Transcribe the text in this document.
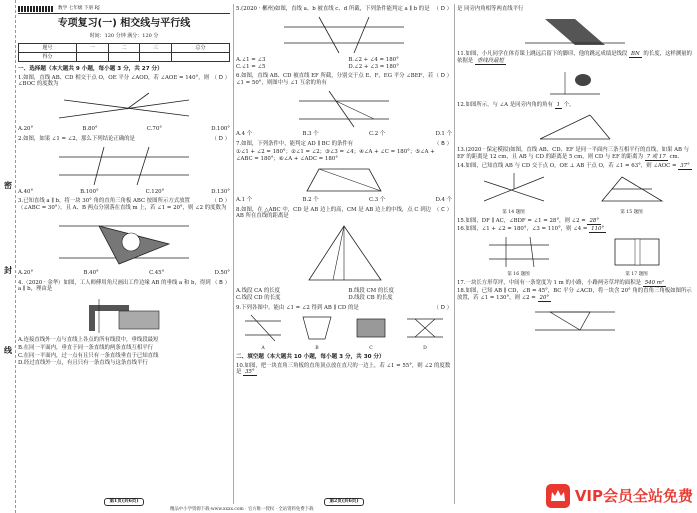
密
封
线
数学 七年级 下册 RJ
专项复习(一) 相交线与平行线
时间：120 分钟 满分：120 分
题号	一	二	三	总分
得分				
一、选择题（本大题共 9 小题，每小题 3 分，共 27 分）
（ D ）
1.如图，直线 AB、CD 相交于点 O，OE 平分 ∠AOD，若 ∠AOE = 140°，则 ∠BOC 的度数为
A.20°	B.80°	C.70°	D.100°
（ D ）
2.如图，如果 ∠1 = ∠2，那么下列结论正确的是
A.40°	B.100°	C.120°	D.130°
（ D ）
3.已知直线 a ∥ b，将一块 30° 角的直角三角板 ABC 按图所示方式放置（∠ABC = 30°），且 A、B 两点分别落在直线 m 上，若 ∠1 = 20°，则 ∠2 的度数为
A.20°	B.40°	C.45°	D.50°
（ B ）
4.（2020 · 金华）如图，工人师傅用角尺画出工件边缘 AB 的垂线 a 和 b，得到 a ∥ b，理由是
A.连接直线外一点与直线上各点的所有线段中，垂线段最短
B.在同一平面内，垂直于同一条直线的两条直线互相平行
C.在同一平面内，过一点有且只有一条直线垂直于已知直线
D.经过直线外一点，有且只有一条直线与这条直线平行
第1页(共6页)
（ D ）
5.(2020 · 郴州)如图，直线 a、b 被直线 c、d 所截，下列条件能判定 a ∥ b 的是
A.∠1 = ∠3	B.∠2 + ∠4 = 180°
C.∠1 = ∠5	D.∠2 + ∠3 = 180°
（ D ）
6.如图，直线 AB、CD 被直线 EF 所截，分别交于点 E、F，EG 平分 ∠BEF，若 ∠1 = 50°，则图中与 ∠1 互余的角有
A.4 个	B.3 个	C.2 个	D.1 个
（ B ）
7.如图，下列条件中，能判定 AD ∥ BC 的条件有
①∠1 + ∠2 = 180°；②∠1 = ∠2；③∠3 = ∠4；④∠A + ∠C = 180°；⑤∠A + ∠ABC = 180°；⑥∠A + ∠ADC = 180°
A.1 个	B.2 个	C.3 个	D.4 个
（ C ）
8.如图，在 △ABC 中，CD 是 AB 边上的高，CM 是 AB 边上的中线，点 C 到边 AB 所在直线的距离是
A.线段 CA 的长度	B.线段 CM 的长度
C.线段 CD 的长度	D.线段 CB 的长度
（ D ）
9.下列各图中，能由 ∠1 = ∠2 得到 AB ∥ CD 的是
A	B	C	D
二、填空题（本大题共 10 小题，每小题 3 分，共 30 分）
10.如图，把一块直角三角板的直角顶点放在直尺的一边上，若 ∠1 = 55°，则 ∠2 的度数是 35°
第2页(共6页)
是 同旁内角相等两直线平行
11.如图，小凡同学在体育课上跳远后留下的脚印，他的跳远成绩是线段 BN 的长度，这样测量的依据是 垂线段最短
12.如图所示，与 ∠A 是同旁内角的角有 1 个。
13.(2020 · 保定模拟)如图，直线 AB、CD、EF 是同一平面内三条互相平行的直线，如果 AB 与 EF 的距离是 12 cm，且 AB 与 CD 的距离是 5 cm，则 CD 与 EF 的距离为 7 或 17 cm.
14.如图，已知直线 AB 与 CD 交于点 O，OE ⊥ AB 于点 O，若 ∠1 = 63°，则 ∠AOC = 37°
第 14 题图	第 15 题图
15.如图，DF ∥ AC，∠BDF = ∠1 = 28°，则 ∠2 = 28°
16.如图，∠1 + ∠2 = 180°，∠3 = 110°，则 ∠4 = 110°
第 16 题图	第 17 题图
17.一块长方形草坪，中间有一条宽度为 1 m 的小路，小路两旁草坪的面积是 540 m²
18.如图，已知 AB ∥ CD，∠B = 45°，BC 平分 ∠ACD，将一块含 20° 角的直角三角板如图所示放置，若 ∠1 = 130°，则 ∠2 = 20°
精品中小学资源下载·www.xxxx.com · 官方唯一授权 · 全站资料免费下载
VIP会员全站免费
